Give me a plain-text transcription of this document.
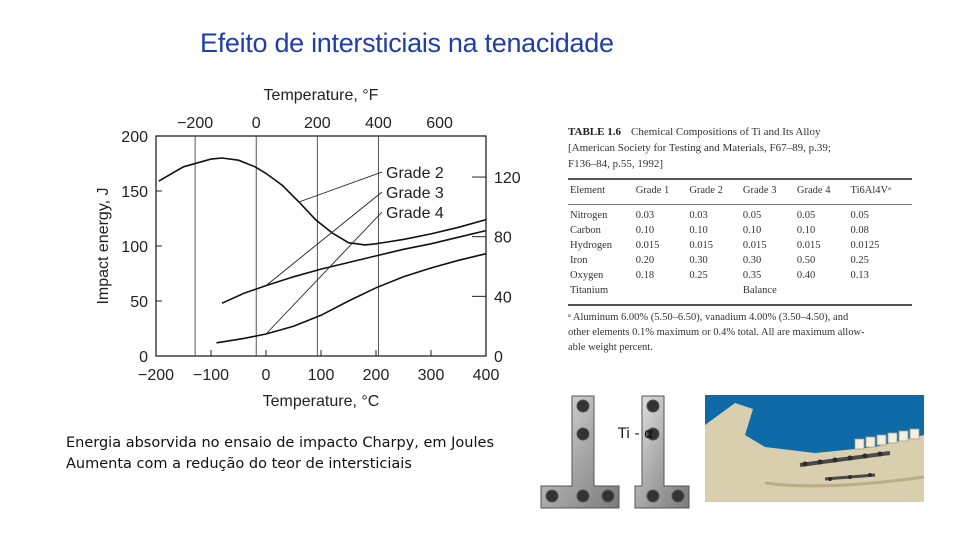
Efeito de intersticiais na tenacidade
−200 −100 0 100 200 300 400
0
50
100
150
200
−200 0	200 400 600
0
40
80
120
Temperature, °C
Temperature, °F
Impact energy, J
Grade 2
Grade 3
Grade 4
Energia absorvida no ensaio de impacto Charpy, em Joules
Aumenta com a redução do teor de intersticiais
TABLE 1.6 Chemical Compositions of Ti and Its Alloy
[American Society for Testing and Materials, F67–89, p.39;
F136–84, p.55, 1992]
Element	Grade 1	Grade 2	Grade 3	Grade 4	Ti6Al4Vᵃ

Nitrogen	0.03	0.03	0.05	0.05	0.05
Carbon	0.10	0.10	0.10	0.10	0.08
Hydrogen	0.015	0.015	0.015	0.015	0.0125
Iron	0.20	0.30	0.30	0.50	0.25
Oxygen	0.18	0.25	0.35	0.40	0.13
Titanium			Balance		
ᵃ Aluminum 6.00% (5.50–6.50), vanadium 4.00% (3.50–4.50), and
other elements 0.1% maximum or 0.4% total. All are maximum allow-
able weight percent.
Ti - α
